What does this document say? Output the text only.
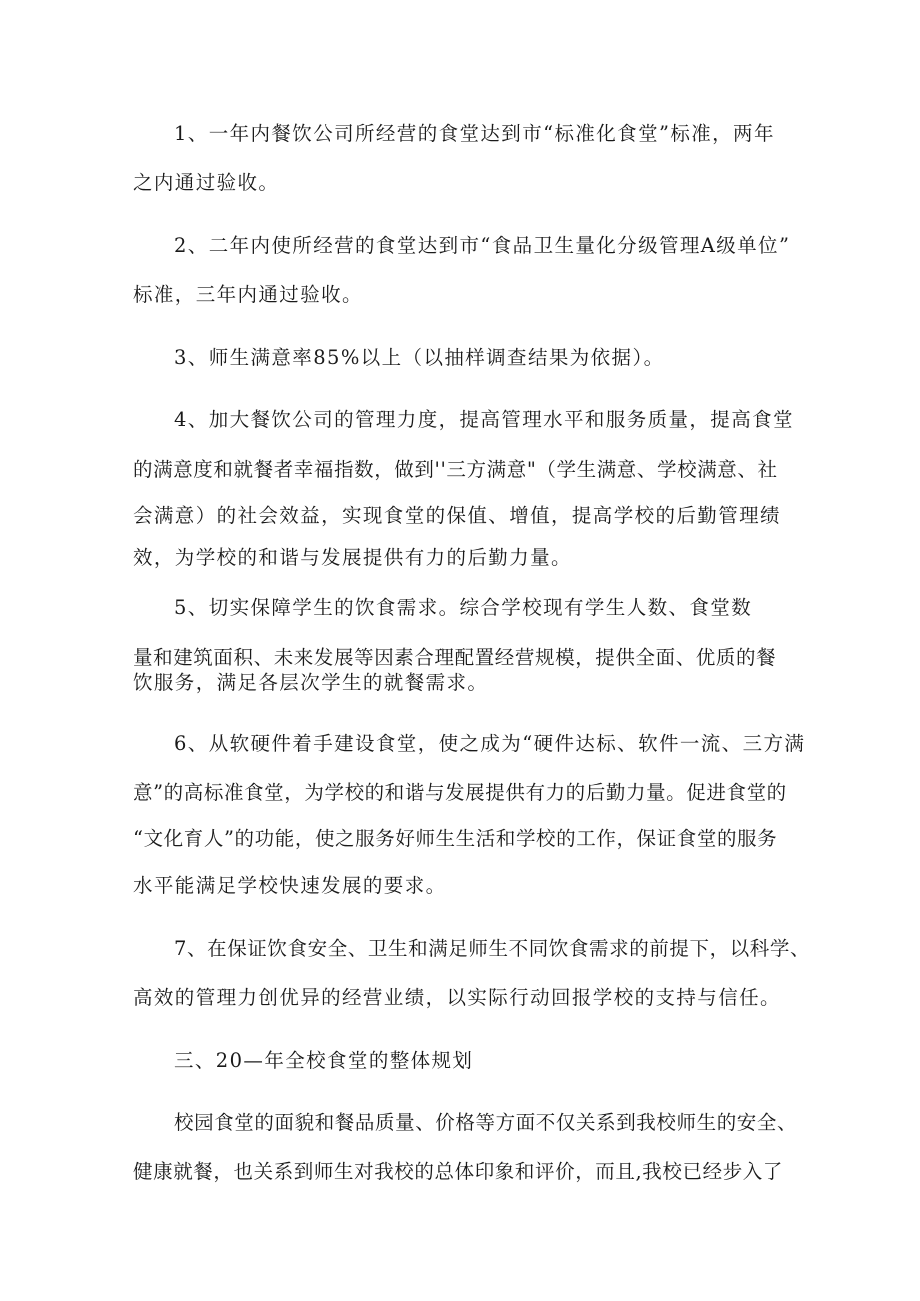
1、一年内餐饮公司所经营的食堂达到市“标准化食堂”标准，两年
之内通过验收。
2、二年内使所经营的食堂达到市“食品卫生量化分级管理A级单位”
标准，三年内通过验收。
3、师生满意率85%以上（以抽样调查结果为依据）。
4、加大餐饮公司的管理力度，提高管理水平和服务质量，提高食堂
的满意度和就餐者幸福指数，做到''三方满意"（学生满意、学校满意、社
会满意）的社会效益，实现食堂的保值、增值，提高学校的后勤管理绩
效，为学校的和谐与发展提供有力的后勤力量。
5、切实保障学生的饮食需求。综合学校现有学生人数、食堂数
量和建筑面积、未来发展等因素合理配置经营规模，提供全面、优质的餐
饮服务，满足各层次学生的就餐需求。
6、从软硬件着手建设食堂，使之成为“硬件达标、软件一流、三方满
意”的高标准食堂，为学校的和谐与发展提供有力的后勤力量。促进食堂的
“文化育人”的功能，使之服务好师生生活和学校的工作，保证食堂的服务
水平能满足学校快速发展的要求。
7、在保证饮食安全、卫生和满足师生不同饮食需求的前提下，以科学、
高效的管理力创优异的经营业绩，以实际行动回报学校的支持与信任。
三、20—年全校食堂的整体规划
校园食堂的面貌和餐品质量、价格等方面不仅关系到我校师生的安全、
健康就餐，也关系到师生对我校的总体印象和评价，而且,我校已经步入了
